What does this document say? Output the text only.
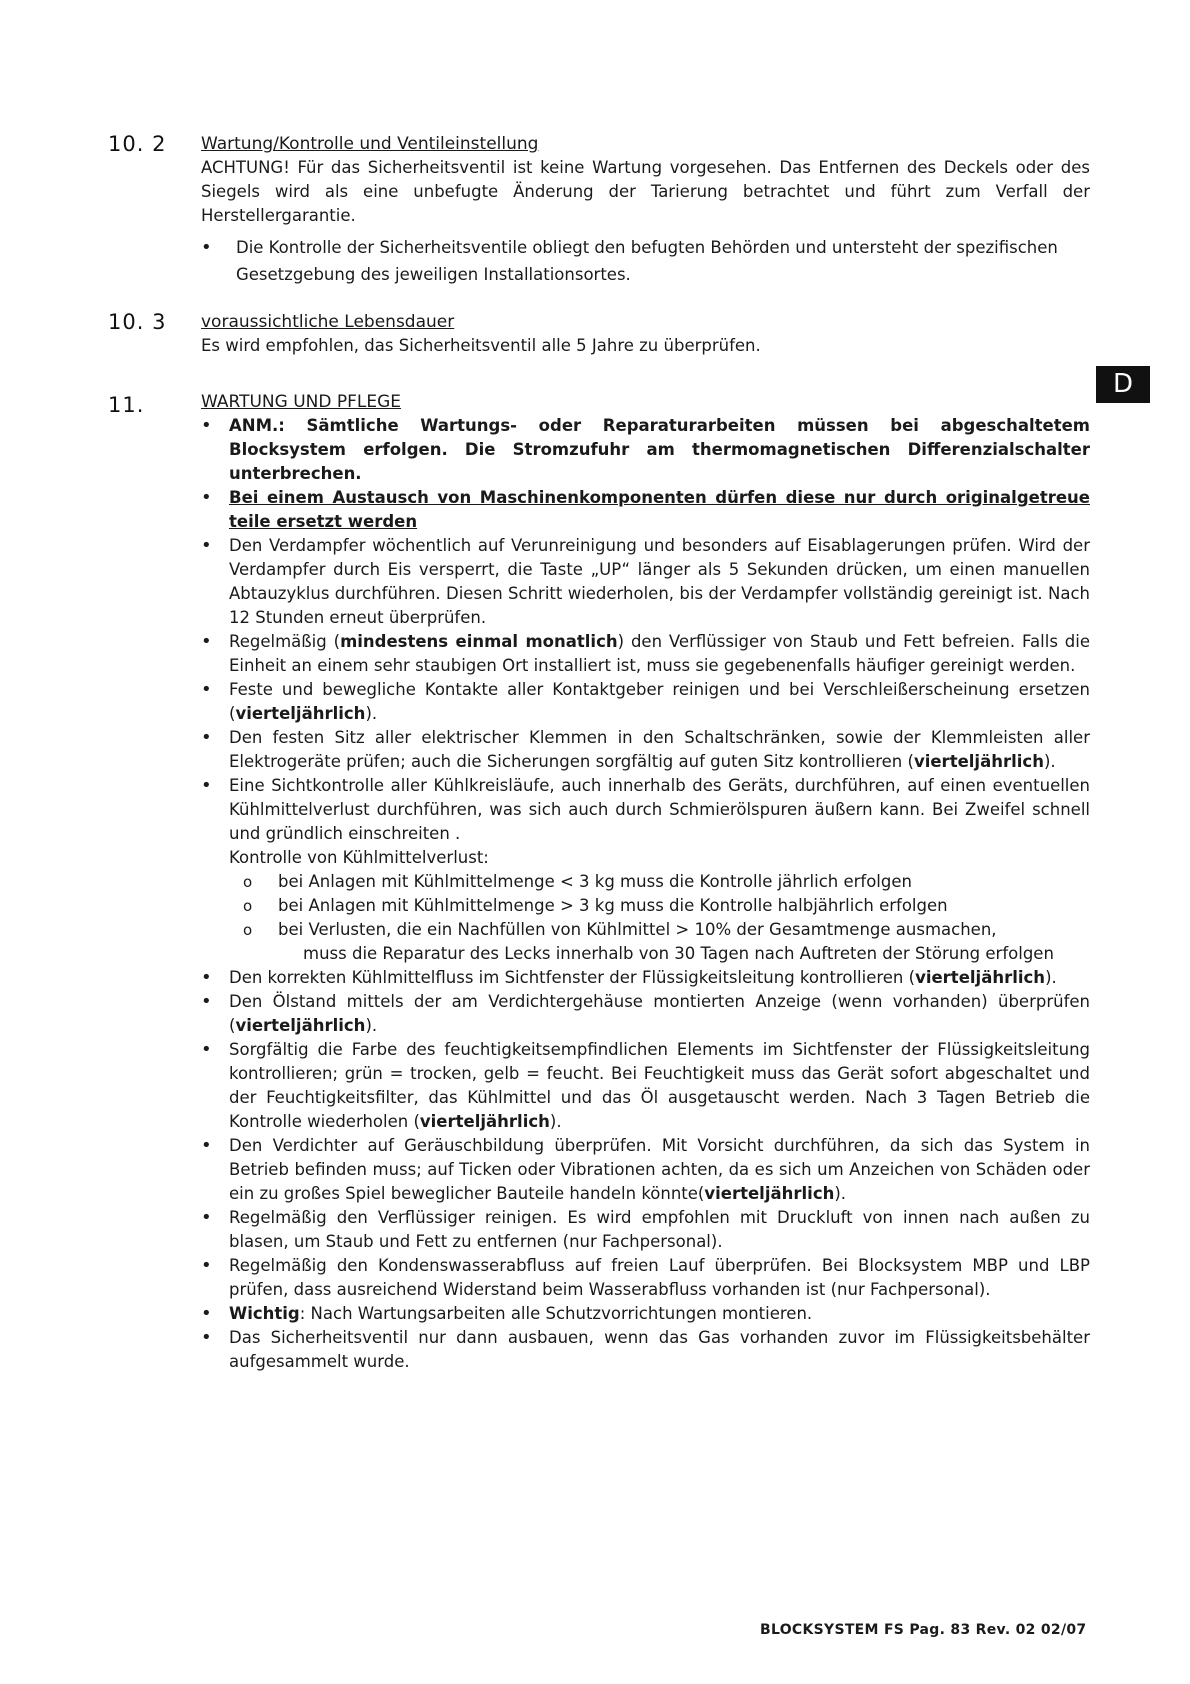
10. 2 Wartung/Kontrolle und Ventileinstellung
ACHTUNG! Für das Sicherheitsventil ist keine Wartung vorgesehen. Das Entfernen des Deckels oder des Siegels wird als eine unbefugte Änderung der Tarierung betrachtet und führt zum Verfall der Herstellergarantie.
• Die Kontrolle der Sicherheitsventile obliegt den befugten Behörden und untersteht der spezifischen Gesetzgebung des jeweiligen Installationsortes.
10. 3 voraussichtliche Lebensdauer
Es wird empfohlen, das Sicherheitsventil alle 5 Jahre zu überprüfen.
D
11.	WARTUNG UND PFLEGE
• ANM.: Sämtliche Wartungs- oder Reparaturarbeiten müssen bei abgeschaltetem Blocksystem erfolgen. Die Stromzufuhr am thermomagnetischen Differenzialschalter unterbrechen.
• Bei einem Austausch von Maschinenkomponenten dürfen diese nur durch originalgetreue teile ersetzt werden
• Den Verdampfer wöchentlich auf Verunreinigung und besonders auf Eisablagerungen prüfen. Wird der Verdampfer durch Eis versperrt, die Taste „UP“ länger als 5 Sekunden drücken, um einen manuellen Abtauzyklus durchführen. Diesen Schritt wiederholen, bis der Verdampfer vollständig gereinigt ist. Nach 12 Stunden erneut überprüfen.
• Regelmäßig (mindestens einmal monatlich) den Verflüssiger von Staub und Fett befreien. Falls die Einheit an einem sehr staubigen Ort installiert ist, muss sie gegebenenfalls häufiger gereinigt werden.
• Feste und bewegliche Kontakte aller Kontaktgeber reinigen und bei Verschleißerscheinung ersetzen (vierteljährlich).
• Den festen Sitz aller elektrischer Klemmen in den Schaltschränken, sowie der Klemmleisten aller Elektrogeräte prüfen; auch die Sicherungen sorgfältig auf guten Sitz kontrollieren (vierteljährlich).
• Eine Sichtkontrolle aller Kühlkreisläufe, auch innerhalb des Geräts, durchführen, auf einen eventuellen Kühlmittelverlust durchführen, was sich auch durch Schmierölspuren äußern kann. Bei Zweifel schnell und gründlich einschreiten .
Kontrolle von Kühlmittelverlust:
o bei Anlagen mit Kühlmittelmenge < 3 kg muss die Kontrolle jährlich erfolgen
o bei Anlagen mit Kühlmittelmenge > 3 kg muss die Kontrolle halbjährlich erfolgen
o bei Verlusten, die ein Nachfüllen von Kühlmittel > 10% der Gesamtmenge ausmachen,
muss die Reparatur des Lecks innerhalb von 30 Tagen nach Auftreten der Störung erfolgen
• Den korrekten Kühlmittelfluss im Sichtfenster der Flüssigkeitsleitung kontrollieren (vierteljährlich).
• Den Ölstand mittels der am Verdichtergehäuse montierten Anzeige (wenn vorhanden) überprüfen (vierteljährlich).
• Sorgfältig die Farbe des feuchtigkeitsempfindlichen Elements im Sichtfenster der Flüssigkeitsleitung kontrollieren; grün = trocken, gelb = feucht. Bei Feuchtigkeit muss das Gerät sofort abgeschaltet und der Feuchtigkeitsfilter, das Kühlmittel und das Öl ausgetauscht werden. Nach 3 Tagen Betrieb die Kontrolle wiederholen (vierteljährlich).
• Den Verdichter auf Geräuschbildung überprüfen. Mit Vorsicht durchführen, da sich das System in Betrieb befinden muss; auf Ticken oder Vibrationen achten, da es sich um Anzeichen von Schäden oder ein zu großes Spiel beweglicher Bauteile handeln könnte(vierteljährlich).
• Regelmäßig den Verflüssiger reinigen. Es wird empfohlen mit Druckluft von innen nach außen zu blasen, um Staub und Fett zu entfernen (nur Fachpersonal).
• Regelmäßig den Kondenswasserabfluss auf freien Lauf überprüfen. Bei Blocksystem MBP und LBP prüfen, dass ausreichend Widerstand beim Wasserabfluss vorhanden ist (nur Fachpersonal).
• Wichtig: Nach Wartungsarbeiten alle Schutzvorrichtungen montieren.
• Das Sicherheitsventil nur dann ausbauen, wenn das Gas vorhanden zuvor im Flüssigkeitsbehälter aufgesammelt wurde.
BLOCKSYSTEM FS Pag. 83 Rev. 02 02/07
